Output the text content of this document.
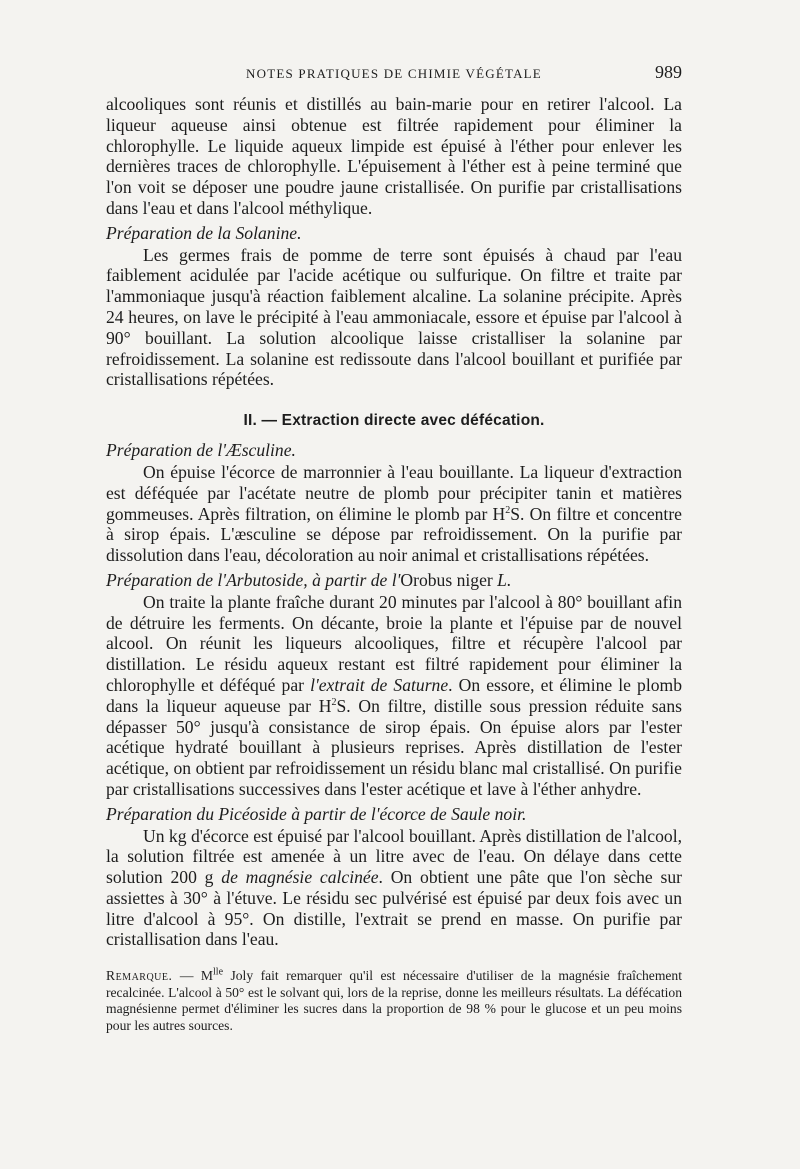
NOTES PRATIQUES DE CHIMIE VÉGÉTALE	989

alcooliques sont réunis et distillés au bain-marie pour en retirer l'alcool. La liqueur aqueuse ainsi obtenue est filtrée rapidement pour éliminer la chlorophylle. Le liquide aqueux limpide est épuisé à l'éther pour enlever les dernières traces de chlorophylle. L'épuisement à l'éther est à peine terminé que l'on voit se déposer une poudre jaune cristallisée. On purifie par cristallisations dans l'eau et dans l'alcool méthylique.

Préparation de la Solanine.

Les germes frais de pomme de terre sont épuisés à chaud par l'eau faiblement acidulée par l'acide acétique ou sulfurique. On filtre et traite par l'ammoniaque jusqu'à réaction faiblement alcaline. La solanine précipite. Après 24 heures, on lave le précipité à l'eau ammoniacale, essore et épuise par l'alcool à 90° bouillant. La solution alcoolique laisse cristalliser la solanine par refroidissement. La solanine est redissoute dans l'alcool bouillant et purifiée par cristallisations répétées.

II. — Extraction directe avec défécation.
Préparation de l'Æsculine.

On épuise l'écorce de marronnier à l'eau bouillante. La liqueur d'extraction est déféquée par l'acétate neutre de plomb pour précipiter tanin et matières gommeuses. Après filtration, on élimine le plomb par $H^2S$. On filtre et concentre à sirop épais. L'æsculine se dépose par refroidissement. On la purifie par dissolution dans l'eau, décoloration au noir animal et cristallisations répétées.

Préparation de l'Arbutoside, à partir de l'Orobus niger L.

On traite la plante fraîche durant 20 minutes par l'alcool à 80° bouillant afin de détruire les ferments. On décante, broie la plante et l'épuise par de nouvel alcool. On réunit les liqueurs alcooliques, filtre et récupère l'alcool par distillation. Le résidu aqueux restant est filtré rapidement pour éliminer la chlorophylle et déféqué par l'extrait de Saturne. On essore, et élimine le plomb dans la liqueur aqueuse par $H^2S$. On filtre, distille sous pression réduite sans dépasser 50° jusqu'à consistance de sirop épais. On épuise alors par l'ester acétique hydraté bouillant à plusieurs reprises. Après distillation de l'ester acétique, on obtient par refroidissement un résidu blanc mal cristallisé. On purifie par cristallisations successives dans l'ester acétique et lave à l'éther anhydre.

Préparation du Picéoside à partir de l'écorce de Saule noir.

Un kg d'écorce est épuisé par l'alcool bouillant. Après distillation de l'alcool, la solution filtrée est amenée à un litre avec de l'eau. On délaye dans cette solution 200 g de magnésie calcinée. On obtient une pâte que l'on sèche sur assiettes à 30° à l'étuve. Le résidu sec pulvérisé est épuisé par deux fois avec un litre d'alcool à 95°. On distille, l'extrait se prend en masse. On purifie par cristallisation dans l'eau.

Remarque. — $M^{lle}$ Joly fait remarquer qu'il est nécessaire d'utiliser de la magnésie fraîchement recalcinée. L'alcool à 50° est le solvant qui, lors de la reprise, donne les meilleurs résultats. La défécation magnésienne permet d'éliminer les sucres dans la proportion de 98 % pour le glucose et un peu moins pour les autres sources.
